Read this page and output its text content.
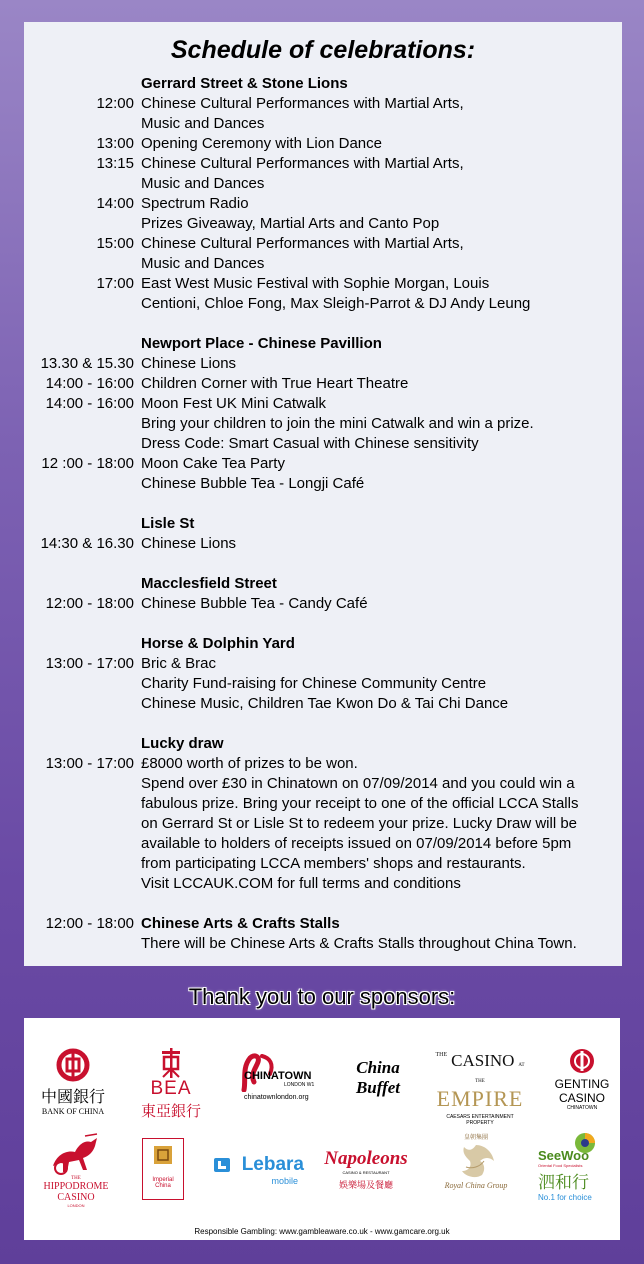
Schedule of celebrations:
Gerrard Street & Stone Lions
12:00 Chinese Cultural Performances with Martial Arts,
Music and Dances
13:00 Opening Ceremony with Lion Dance
13:15 Chinese Cultural Performances with Martial Arts,
Music and Dances
14:00 Spectrum Radio
Prizes Giveaway, Martial Arts and Canto Pop
15:00 Chinese Cultural Performances with Martial Arts,
Music and Dances
17:00 East West Music Festival with Sophie Morgan, Louis
Centioni, Chloe Fong, Max Sleigh-Parrot & DJ Andy Leung
Newport Place - Chinese Pavillion
13.30 & 15.30 Chinese Lions
14:00 - 16:00 Children Corner with True Heart Theatre
14:00 - 16:00 Moon Fest UK Mini Catwalk
Bring your children to join the mini Catwalk and win a prize.
Dress Code: Smart Casual with Chinese sensitivity
12 :00 - 18:00 Moon Cake Tea Party
Chinese Bubble Tea - Longji Café
Lisle St
14:30 & 16.30 Chinese Lions
Macclesfield Street
12:00 - 18:00 Chinese Bubble Tea - Candy Café
Horse & Dolphin Yard
13:00 - 17:00 Bric & Brac
Charity Fund-raising for Chinese Community Centre
Chinese Music, Children Tae Kwon Do & Tai Chi Dance
Lucky draw
13:00 - 17:00 £8000 worth of prizes to be won.
Spend over £30 in Chinatown on 07/09/2014 and you could win a
fabulous prize. Bring your receipt to one of the official LCCA Stalls
on Gerrard St or Lisle St to redeem your prize. Lucky Draw will be
available to holders of receipts issued on 07/09/2014 before 5pm
from participating LCCA members' shops and restaurants.
Visit LCCAUK.COM for full terms and conditions
12:00 - 18:00 Chinese Arts & Crafts Stalls
There will be Chinese Arts & Crafts Stalls throughout China Town.
Thank you to our sponsors:
中國銀行
BANK OF CHINA
BEA
東亞銀行
CHINATOWN
LONDON W1
chinatownlondon.org
China
Buffet
$^{THE}$ CASINO AT THE
EMPIRE
CAESARS ENTERTAINMENT PROPERTY
GENTING
CASINO
CHINATOWN
THE
HIPPODROME
CASINO
LONDON
Imperial
China
Lebara
mobile
Napoleons
CASINO & RESTAURANT
娛樂場及餐廳
皇朝集團
Royal China Group
SeeWoo
Oriental Food Specialists
泗和行
No.1 for choice
Responsible Gambling: www.gambleaware.co.uk - www.gamcare.org.uk
